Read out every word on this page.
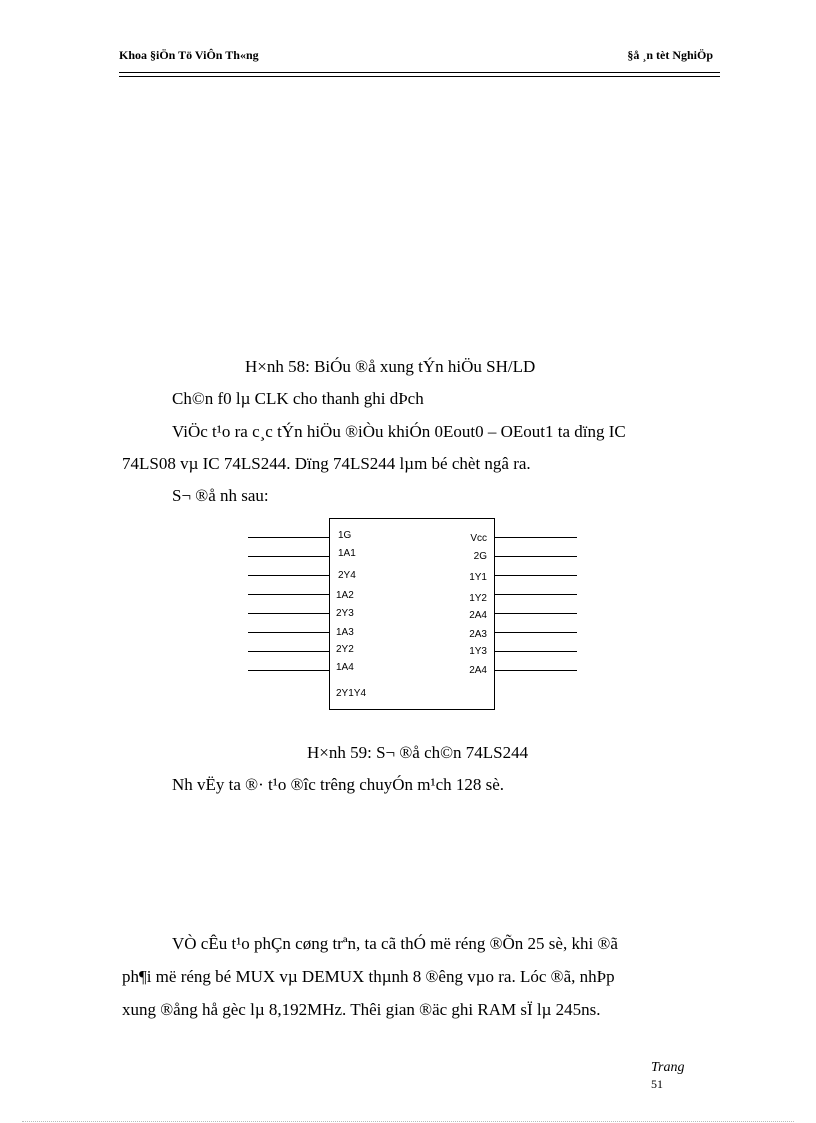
Khoa §iÖn Tö ViÔn Th«ng	§å ¸n tèt NghiÖp
H×nh 58: BiÓu ®å xung tÝn hiÖu SH/LD
Ch©n f0 lµ CLK cho thanh ghi dÞch
ViÖc t¹o ra c¸c tÝn hiÖu ®iÒu khiÓn 0Eout0 – OEout1 ta dïng IC
74LS08 vµ IC 74LS244. Dïng 74LS244 lµm bé chèt ngâ ra.
S¬ ®å nh sau:
1G
1A1
2Y4
1A2
2Y3
1A3
2Y2
1A4
Vcc
2G
1Y1
1Y2
2A4
2A3
1Y3
2A4
2Y1Y4
H×nh 59: S¬ ®å ch©n 74LS244
Nh vËy ta ®· t¹o ®îc trêng chuyÓn m¹ch 128 sè.
VÒ cÊu t¹o phÇn cøng trªn, ta cã thÓ më réng ®Õn 25 sè, khi ®ã
ph¶i më réng bé MUX vµ DEMUX thµnh 8 ®êng vµo ra. Lóc ®ã, nhÞp
xung ®ång hå gèc lµ 8,192MHz. Thêi gian ®äc ghi RAM sÏ lµ 245ns.
Trang
51
